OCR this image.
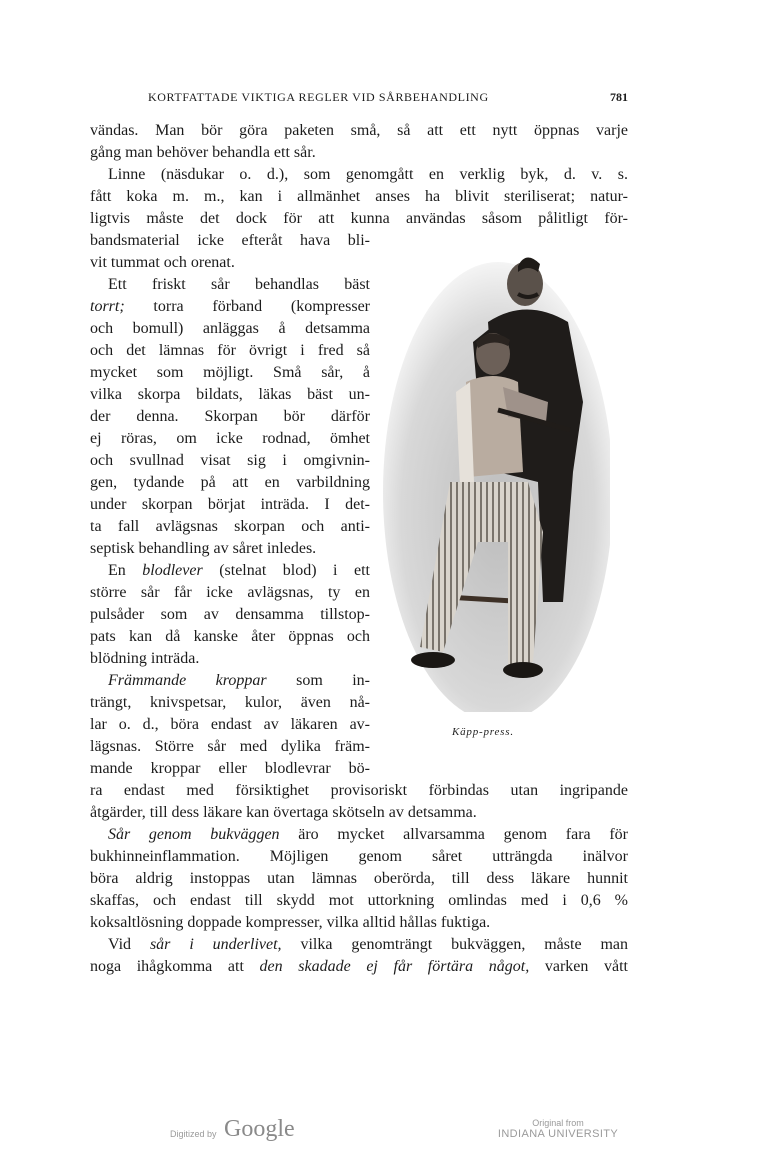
KORTFATTADE VIKTIGA REGLER VID SÅRBEHANDLING	781
vändas. Man bör göra paketen små, så att ett nytt öppnas varje
gång man behöver behandla ett sår.
Linne (näsdukar o. d.), som genomgått en verklig byk, d. v. s.
fått koka m. m., kan i allmänhet anses ha blivit steriliserat; natur-
ligtvis måste det dock för att kunna användas såsom pålitligt för-
bandsmaterial icke efteråt hava bli-
vit tummat och orenat.
Ett friskt sår behandlas bäst
torrt; torra förband (kompresser
och bomull) anläggas å detsamma
och det lämnas för övrigt i fred så
mycket som möjligt. Små sår, å
vilka skorpa bildats, läkas bäst un-
der denna. Skorpan bör därför
ej röras, om icke rodnad, ömhet
och svullnad visat sig i omgivnin-
gen, tydande på att en varbildning
under skorpan börjat inträda. I det-
ta fall avlägsnas skorpan och anti-
septisk behandling av såret inledes.
En blodlever (stelnat blod) i ett
större sår får icke avlägsnas, ty en
pulsåder som av densamma tillstop-
pats kan då kanske åter öppnas och
blödning inträda.
Främmande kroppar som in-
trängt, knivspetsar, kulor, även nå-
lar o. d., böra endast av läkaren av-
lägsnas. Större sår med dylika främ-
mande kroppar eller blodlevrar bö-
ra endast med försiktighet provisoriskt förbindas utan ingripande
åtgärder, till dess läkare kan övertaga skötseln av detsamma.
Sår genom bukväggen äro mycket allvarsamma genom fara för
bukhinneinflammation. Möjligen genom såret utträngda inälvor
böra aldrig instoppas utan lämnas oberörda, till dess läkare hunnit
skaffas, och endast till skydd mot uttorkning omlindas med i 0,6 %
koksaltlösning doppade kompresser, vilka alltid hållas fuktiga.
Vid sår i underlivet, vilka genomträngt bukväggen, måste man
noga ihågkomma att den skadade ej får förtära något, varken vått
Käpp-press.
Digitized by Google	Original from
INDIANA UNIVERSITY
